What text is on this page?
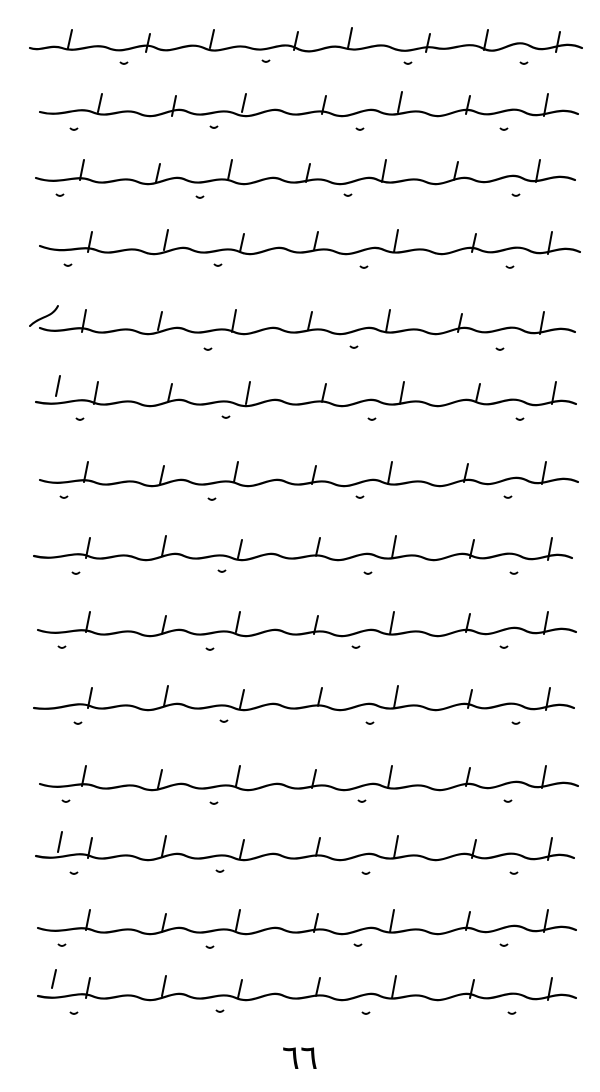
٦٦
